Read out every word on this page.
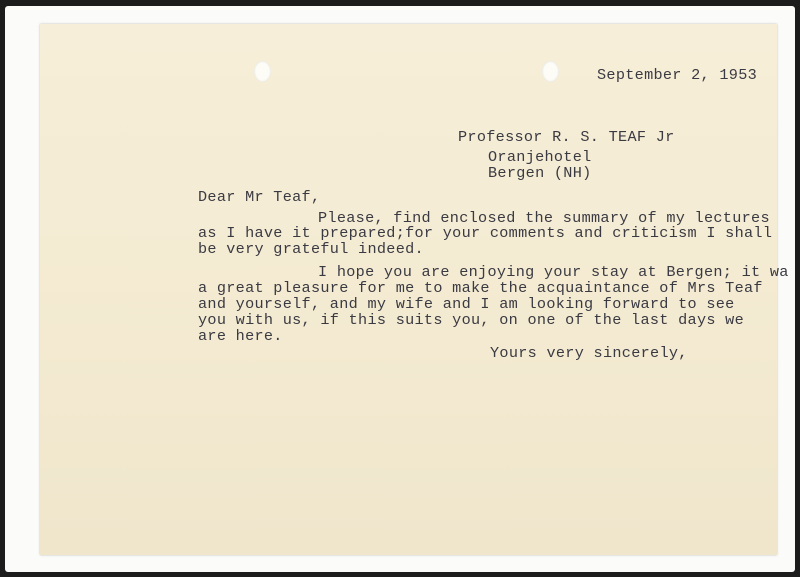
September 2, 1953

Professor R. S. TEAF Jr

Oranjehotel

Bergen (NH)

Dear Mr Teaf,

Please, find enclosed the summary of my lectures

as I have it prepared;for your comments and criticism I shall

be very grateful indeed.

I hope you are enjoying your stay at Bergen; it wa

a great pleasure for me to make the acquaintance of Mrs Teaf

and yourself, and my wife and I am looking forward to see

you with us, if this suits you, on one of the last days we

are here.

Yours very sincerely,
